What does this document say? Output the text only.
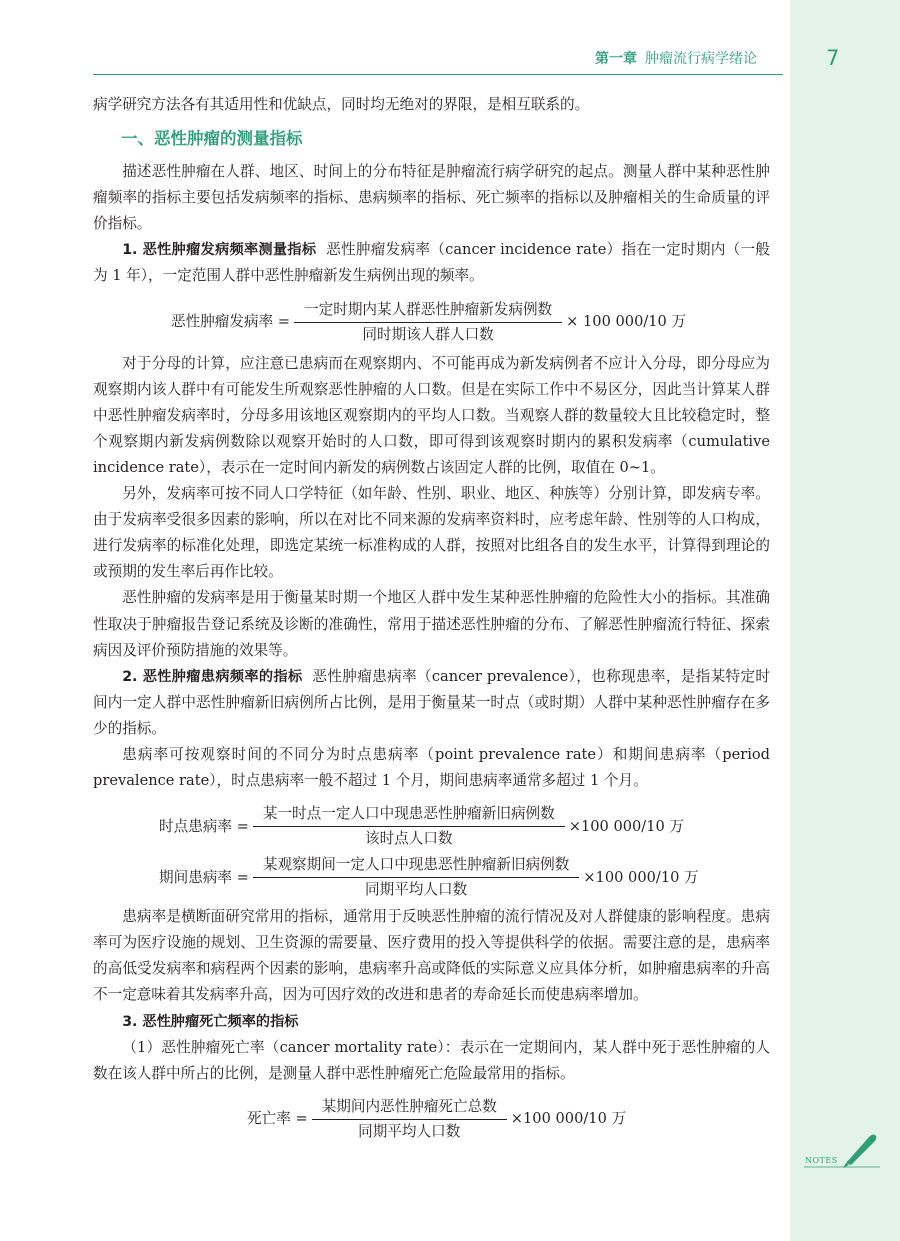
第一章 肿瘤流行病学绪论	7

病学研究方法各有其适用性和优缺点，同时均无绝对的界限，是相互联系的。

一、恶性肿瘤的测量指标

描述恶性肿瘤在人群、地区、时间上的分布特征是肿瘤流行病学研究的起点。测量人群中某种恶性肿瘤频率的指标主要包括发病频率的指标、患病频率的指标、死亡频率的指标以及肿瘤相关的生命质量的评价指标。

1. 恶性肿瘤发病频率测量指标 恶性肿瘤发病率（cancer incidence rate）指在一定时期内（一般为 1 年），一定范围人群中恶性肿瘤新发生病例出现的频率。

恶性肿瘤发病率 = $\frac{\text{一定时期内某人群恶性肿瘤新发病例数}}{\text{同时期该人群人口数}} \times 100$ 000/10 万

对于分母的计算，应注意已患病而在观察期内、不可能再成为新发病例者不应计入分母，即分母应为观察期内该人群中有可能发生所观察恶性肿瘤的人口数。但是在实际工作中不易区分，因此当计算某人群中恶性肿瘤发病率时，分母多用该地区观察期内的平均人口数。当观察人群的数量较大且比较稳定时，整个观察期内新发病例数除以观察开始时的人口数，即可得到该观察时期内的累积发病率（cumulative incidence rate），表示在一定时间内新发的病例数占该固定人群的比例，取值在 0~1。

另外，发病率可按不同人口学特征（如年龄、性别、职业、地区、种族等）分别计算，即发病专率。由于发病率受很多因素的影响，所以在对比不同来源的发病率资料时，应考虑年龄、性别等的人口构成，进行发病率的标准化处理，即选定某统一标准构成的人群，按照对比组各自的发生水平，计算得到理论的或预期的发生率后再作比较。

恶性肿瘤的发病率是用于衡量某时期一个地区人群中发生某种恶性肿瘤的危险性大小的指标。其准确性取决于肿瘤报告登记系统及诊断的准确性，常用于描述恶性肿瘤的分布、了解恶性肿瘤流行特征、探索病因及评价预防措施的效果等。

2. 恶性肿瘤患病频率的指标 恶性肿瘤患病率（cancer prevalence），也称现患率，是指某特定时间内一定人群中恶性肿瘤新旧病例所占比例，是用于衡量某一时点（或时期）人群中某种恶性肿瘤存在多少的指标。

患病率可按观察时间的不同分为时点患病率（point prevalence rate）和期间患病率（period prevalence rate），时点患病率一般不超过 1 个月，期间患病率通常多超过 1 个月。

时点患病率 = $\frac{\text{某一时点一定人口中现患恶性肿瘤新旧病例数}}{\text{该时点人口数}} \times 100$ 000/10 万
期间患病率 = $\frac{\text{某观察期间一定人口中现患恶性肿瘤新旧病例数}}{\text{同期平均人口数}} \times 100$ 000/10 万

患病率是横断面研究常用的指标，通常用于反映恶性肿瘤的流行情况及对人群健康的影响程度。患病率可为医疗设施的规划、卫生资源的需要量、医疗费用的投入等提供科学的依据。需要注意的是，患病率的高低受发病率和病程两个因素的影响，患病率升高或降低的实际意义应具体分析，如肿瘤患病率的升高不一定意味着其发病率升高，因为可因疗效的改进和患者的寿命延长而使患病率增加。

3. 恶性肿瘤死亡频率的指标

（1）恶性肿瘤死亡率（cancer mortality rate）：表示在一定期间内，某人群中死于恶性肿瘤的人数在该人群中所占的比例，是测量人群中恶性肿瘤死亡危险最常用的指标。

死亡率 = $\frac{\text{某期间内恶性肿瘤死亡总数}}{\text{同期平均人口数}} \times 100$ 000/10 万
NOTES
